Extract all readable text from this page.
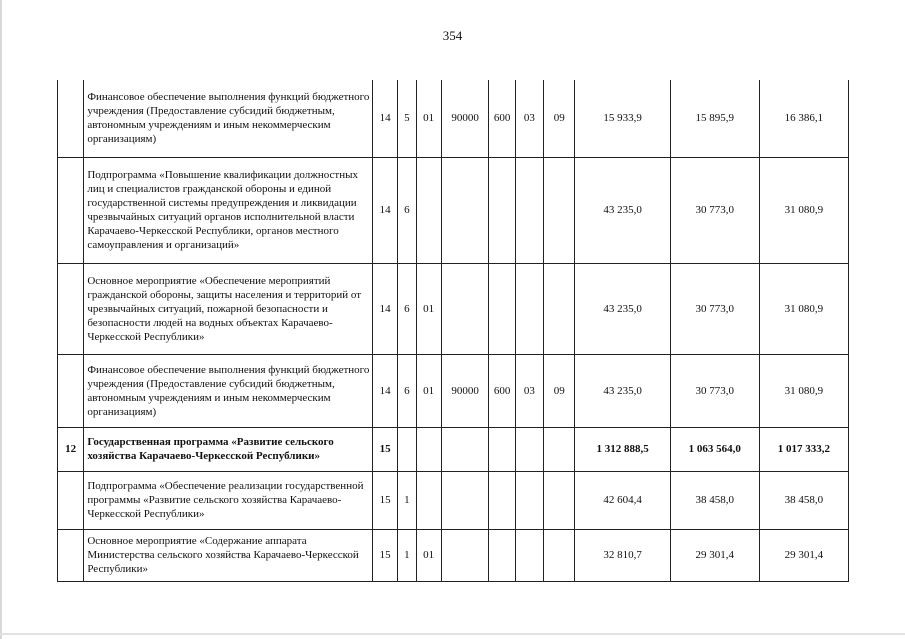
354
	Финансовое обеспечение выполнения функций бюджетного учреждения (Предоставление субсидий бюджетным, автономным учреждениям и иным некоммерческим организациям)	14	5	01	90000	600	03	09	15 933,9	15 895,9	16 386,1
	Подпрограмма «Повышение квалификации должностных лиц и специалистов гражданской обороны и единой государственной системы предупреждения и ликвидации чрезвычайных ситуаций органов исполнительной власти Карачаево-Черкесской Республики, органов местного самоуправления и организаций»	14	6						43 235,0	30 773,0	31 080,9
	Основное мероприятие «Обеспечение мероприятий гражданской обороны, защиты населения и территорий от чрезвычайных ситуаций, пожарной безопасности и безопасности людей на водных объектах Карачаево-Черкесской Республики»	14	6	01					43 235,0	30 773,0	31 080,9
	Финансовое обеспечение выполнения функций бюджетного учреждения (Предоставление субсидий бюджетным, автономным учреждениям и иным некоммерческим организациям)	14	6	01	90000	600	03	09	43 235,0	30 773,0	31 080,9
12	Государственная программа «Развитие сельского хозяйства Карачаево-Черкесской Республики»	15							1 312 888,5	1 063 564,0	1 017 333,2
	Подпрограмма «Обеспечение реализации государственной программы «Развитие сельского хозяйства Карачаево-Черкесской Республики»	15	1						42 604,4	38 458,0	38 458,0
	Основное мероприятие «Содержание аппарата Министерства сельского хозяйства Карачаево-Черкесской Республики»	15	1	01					32 810,7	29 301,4	29 301,4
